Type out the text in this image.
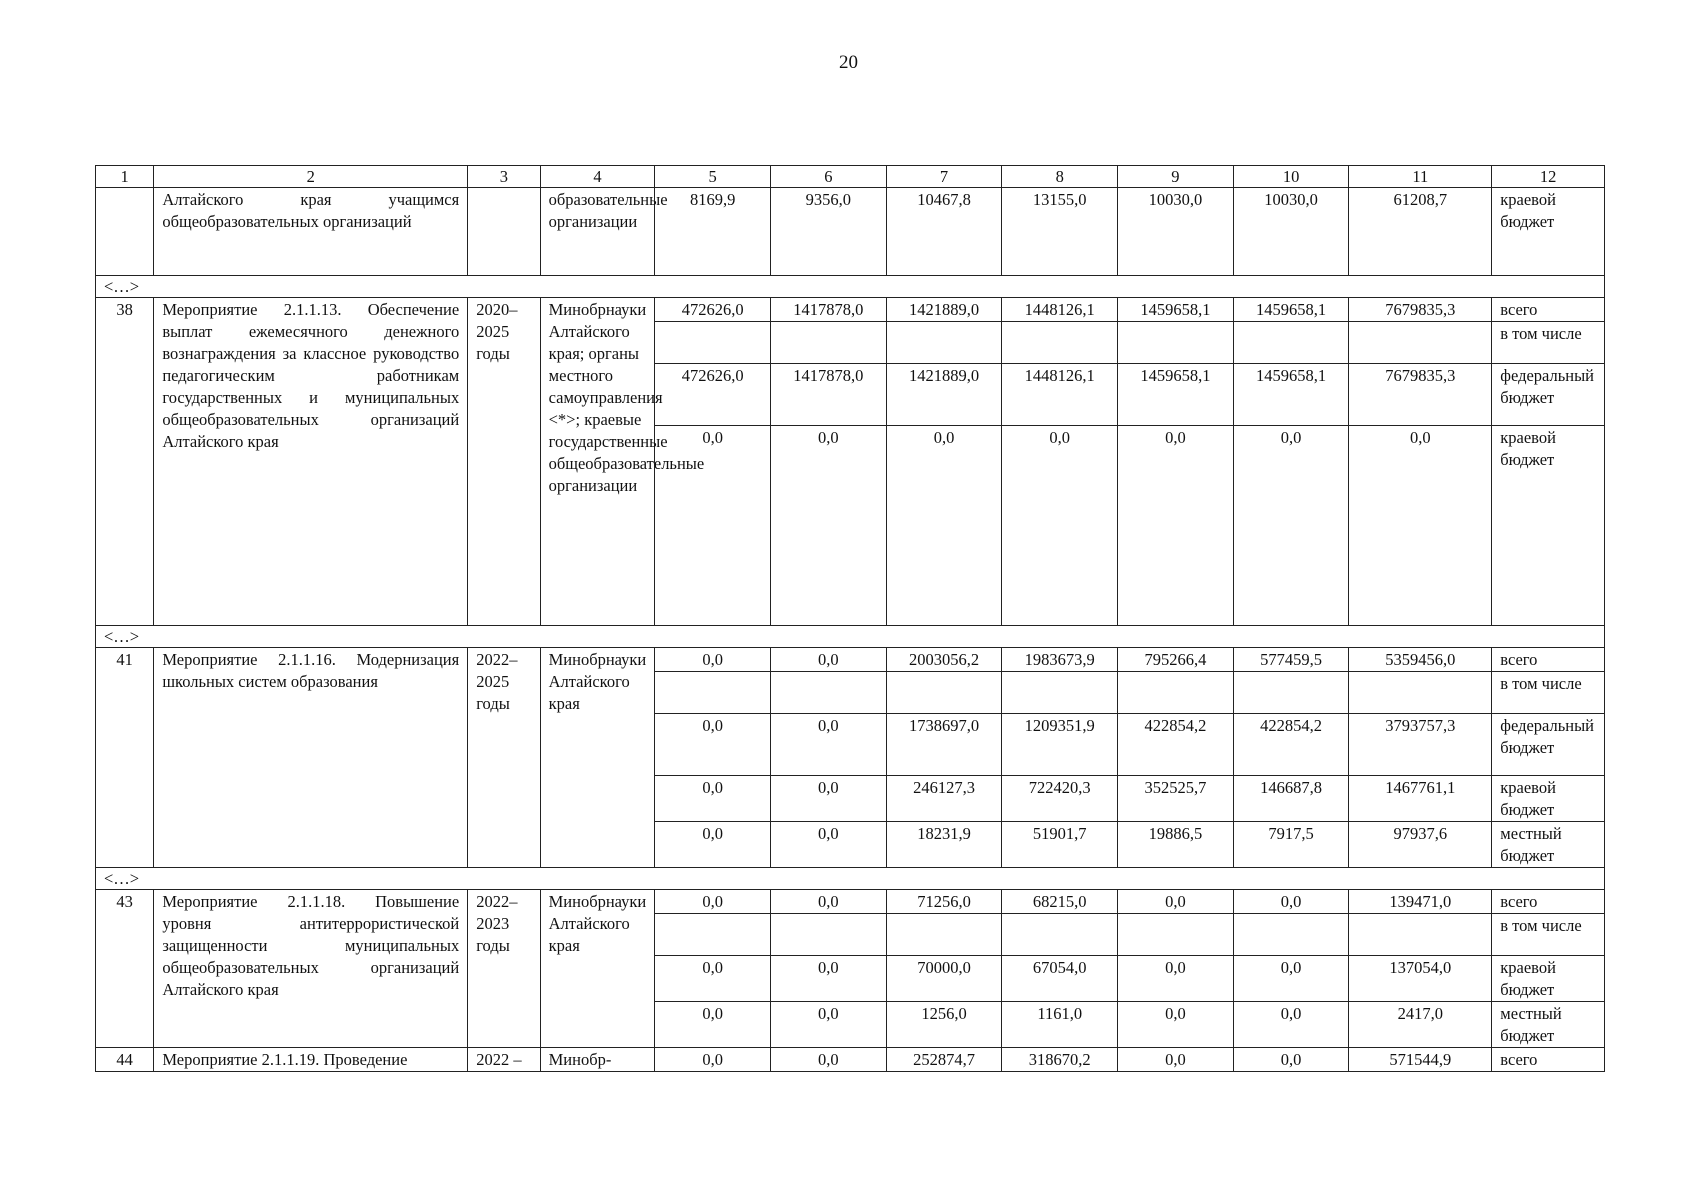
20
1	2	3	4	5	6	7	8	9	10	11	12
	Алтайского края учащимся общеобразовательных организаций		образовательные организации	8169,9	9356,0	10467,8	13155,0	10030,0	10030,0	61208,7	краевой бюджет
<…>											
38	Мероприятие 2.1.1.13. Обеспечение выплат ежемесячного денежного вознаграждения за классное руководство педагогическим работникам государственных и муниципальных общеобразовательных организаций Алтайского края	2020–2025 годы	Минобрнауки Алтайского края; органы местного самоуправления <*>; краевые государственные общеобразовательные организации	472626,0	1417878,0	1421889,0	1448126,1	1459658,1	1459658,1	7679835,3	всего
											в том числе
				472626,0	1417878,0	1421889,0	1448126,1	1459658,1	1459658,1	7679835,3	федеральный бюджет
				0,0	0,0	0,0	0,0	0,0	0,0	0,0	краевой бюджет
<…>											
41	Мероприятие 2.1.1.16. Модернизация школьных систем образования	2022–2025 годы	Минобрнауки Алтайского края	0,0	0,0	2003056,2	1983673,9	795266,4	577459,5	5359456,0	всего
											в том числе
				0,0	0,0	1738697,0	1209351,9	422854,2	422854,2	3793757,3	федеральный бюджет
				0,0	0,0	246127,3	722420,3	352525,7	146687,8	1467761,1	краевой бюджет
				0,0	0,0	18231,9	51901,7	19886,5	7917,5	97937,6	местный бюджет
<…>											
43	Мероприятие 2.1.1.18. Повышение уровня антитеррористической защищенности муниципальных общеобразовательных организаций Алтайского края	2022–2023 годы	Минобрнауки Алтайского края	0,0	0,0	71256,0	68215,0	0,0	0,0	139471,0	всего
											в том числе
				0,0	0,0	70000,0	67054,0	0,0	0,0	137054,0	краевой бюджет
				0,0	0,0	1256,0	1161,0	0,0	0,0	2417,0	местный бюджет
44	Мероприятие 2.1.1.19. Проведение	2022 –	Минобр-	0,0	0,0	252874,7	318670,2	0,0	0,0	571544,9	всего
